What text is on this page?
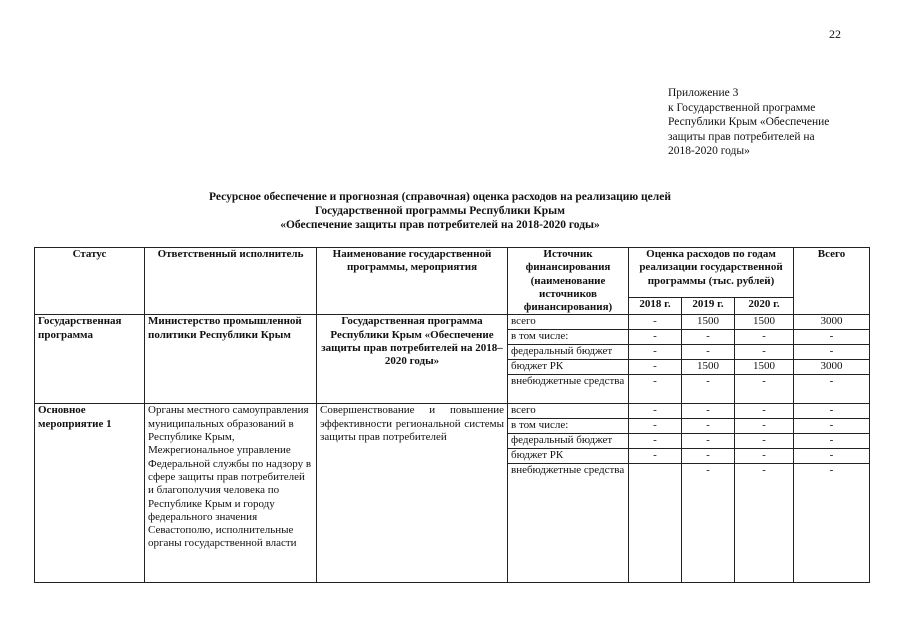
22
Приложение 3
к Государственной программе
Республики Крым «Обеспечение
защиты прав потребителей на
2018-2020 годы»
Ресурсное обеспечение и прогнозная (справочная) оценка расходов на реализацию целей
Государственной программы Республики Крым
«Обеспечение защиты прав потребителей на 2018-2020 годы»
Статус	Ответственный исполнитель	Наименование государственной программы, мероприятия	Источник финансирования (наименование источников финансирования)	Оценка расходов по годам реализации государственной программы (тыс. рублей)			Всего
				2018 г.	2019 г.	2020 г.	
Государственная программа	Министерство промышленной политики Республики Крым	Государственная программа Республики Крым «Обеспечение защиты прав потребителей на 2018–2020 годы»	всего	-	1500	1500	3000
			в том числе:	-	-	-	-
			федеральный бюджет	-	-	-	-
			бюджет РК	-	1500	1500	3000
			внебюджетные средства	-	-	-	-
Основное мероприятие 1	Органы местного самоуправления муниципальных образований в Республике Крым, Межрегиональное управление Федеральной службы по надзору в сфере защиты прав потребителей и благополучия человека по Республике Крым и городу федерального значения Севастополю, исполнительные органы государственной власти	Совершенствование и повышение эффективности региональной системы защиты прав потребителей	всего	-	-	-	-
			в том числе:	-	-	-	-
			федеральный бюджет	-	-	-	-
			бюджет РК	-	-	-	-
			внебюджетные средства		-	-	-
